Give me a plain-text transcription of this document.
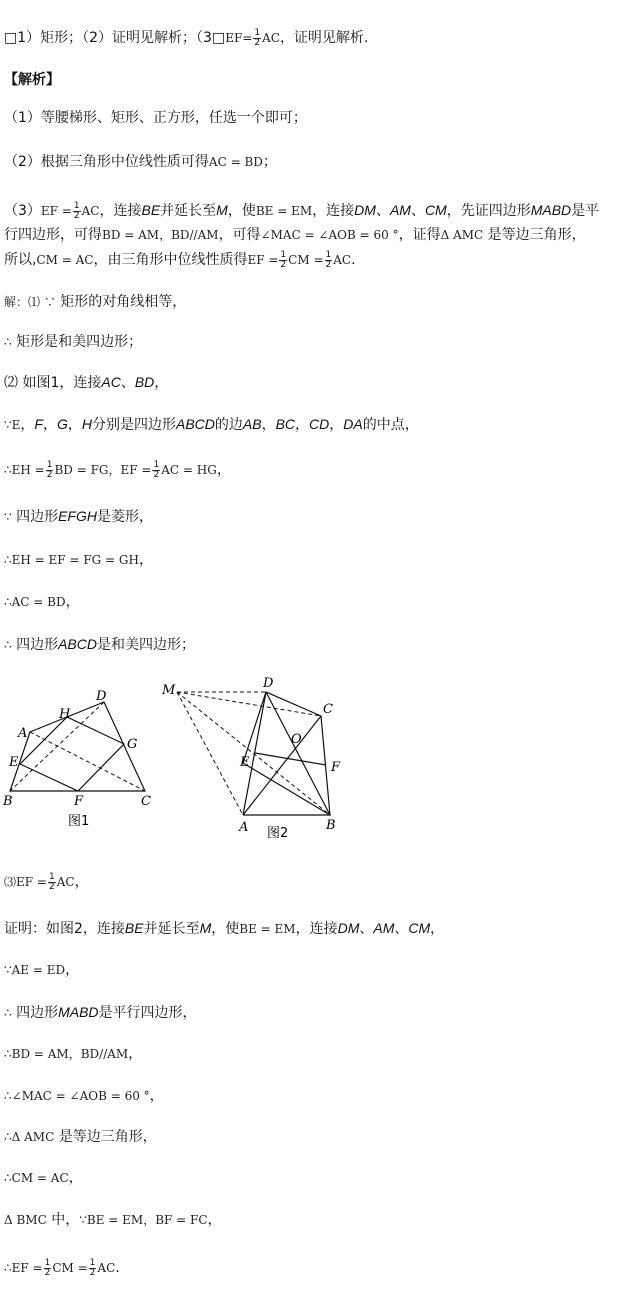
□1）矩形；（2）证明见解析；（3□EF= $\frac{1}{2}$ AC，证明见解析.
【解析】
（1）等腰梯形、矩形、正方形，任选一个即可；
（2）根据三角形中位线性质可得AC = BD；
$(3)EF = \frac{1}{2}$ AC，连接BE并延长至M，使BE = EM，连接DM、AM、CM，先证四边形MABD是平
行四边形，可得BD = AM，BD//AM，可得∠MAC = ∠AOB = 60 °，证得Δ AMC 是等边三角形，
所以,CM = AC，由三角形中位线性质得EF = $\frac{1}{2}$ CM = $\frac{1}{2}$ AC.
解：⑴ ∵ 矩形的对角线相等，
∴ 矩形是和美四边形；
⑵ 如图1，连接AC、BD，
∵E，F，G，H分别是四边形ABCD的边AB，BC，CD，DA的中点，
∴EH = $\frac{1}{2}$ BD = FG，EF = $\frac{1}{2}$ AC = HG，
∵ 四边形EFGH是菱形，
∴EH = EF = FG = GH，
∴AC = BD，
∴ 四边形ABCD是和美四边形；
H
D
A
G
E
B	F	C
图1
M	D
C
O
E	F
A	B
图2
⑶EF = $\frac{1}{2}$ AC，
证明：如图2，连接BE并延长至M，使BE = EM，连接DM、AM、CM，
∵AE = ED，
∴ 四边形MABD是平行四边形，
∴BD = AM，BD//AM，
∴∠MAC = ∠AOB = 60 °，
∴Δ AMC 是等边三角形，
∴CM = AC，
Δ BMC 中，∵BE = EM，BF = FC，
∴EF = $\frac{1}{2}$ CM = $\frac{1}{2}$ AC.
